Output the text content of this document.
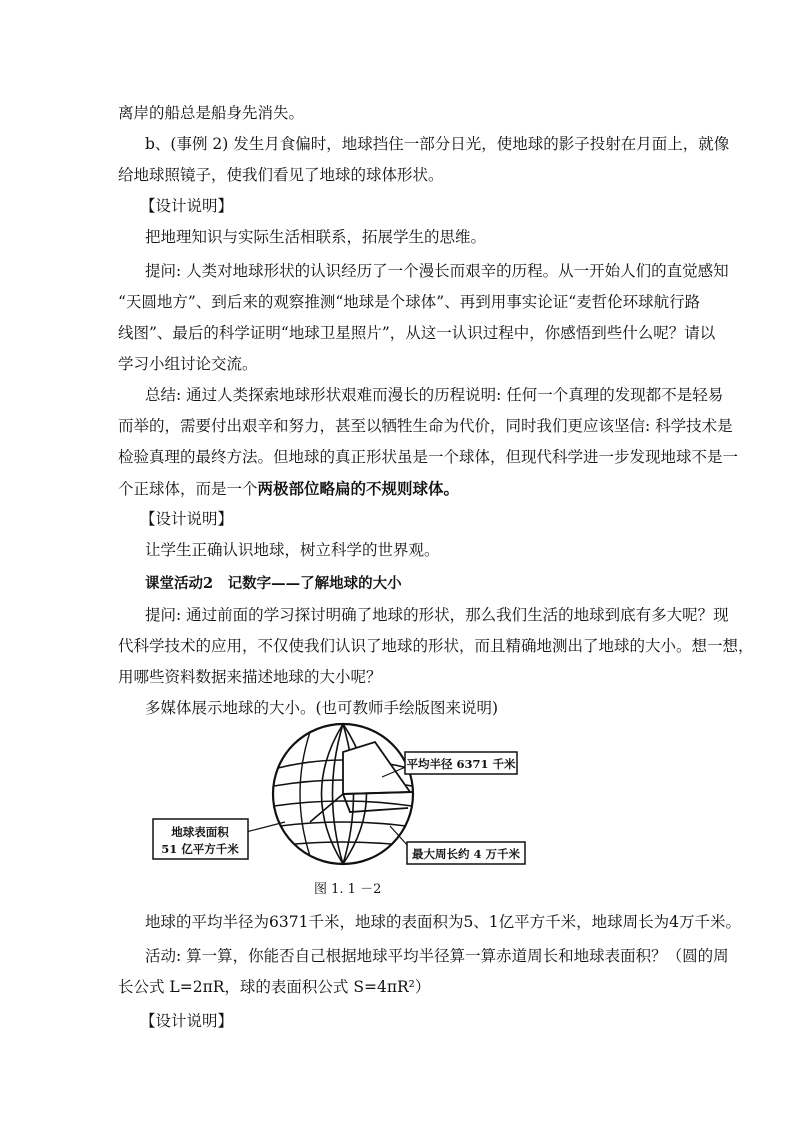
离岸的船总是船身先消失。

b、(事例 2) 发生月食偏时，地球挡住一部分日光，使地球的影子投射在月面上，就像

给地球照镜子，使我们看见了地球的球体形状。

【设计说明】

把地理知识与实际生活相联系，拓展学生的思维。

提问: 人类对地球形状的认识经历了一个漫长而艰辛的历程。从一开始人们的直觉感知

“天圆地方”、到后来的观察推测“地球是个球体”、再到用事实论证“麦哲伦环球航行路

线图”、最后的科学证明“地球卫星照片”，从这一认识过程中，你感悟到些什么呢？请以

学习小组讨论交流。

总结: 通过人类探索地球形状艰难而漫长的历程说明: 任何一个真理的发现都不是轻易

而举的，需要付出艰辛和努力，甚至以牺牲生命为代价，同时我们更应该坚信: 科学技术是

检验真理的最终方法。但地球的真正形状虽是一个球体，但现代科学进一步发现地球不是一

个正球体，而是一个两极部位略扁的不规则球体。

【设计说明】

让学生正确认识地球，树立科学的世界观。

课堂活动2　记数字——了解地球的大小

提问: 通过前面的学习探讨明确了地球的形状，那么我们生活的地球到底有多大呢？现

代科学技术的应用，不仅使我们认识了地球的形状，而且精确地测出了地球的大小。想一想，

用哪些资料数据来描述地球的大小呢？

多媒体展示地球的大小。(也可教师手绘版图来说明)

平均半径 6371 千米
最大周长约 4 万千米
地球表面积
51 亿平方千米
图 1. 1 －2

地球的平均半径为6371千米，地球的表面积为5、1亿平方千米，地球周长为4万千米。

活动: 算一算，你能否自己根据地球平均半径算一算赤道周长和地球表面积？（圆的周

长公式 L=2πR，球的表面积公式 S=4πR²）

【设计说明】
